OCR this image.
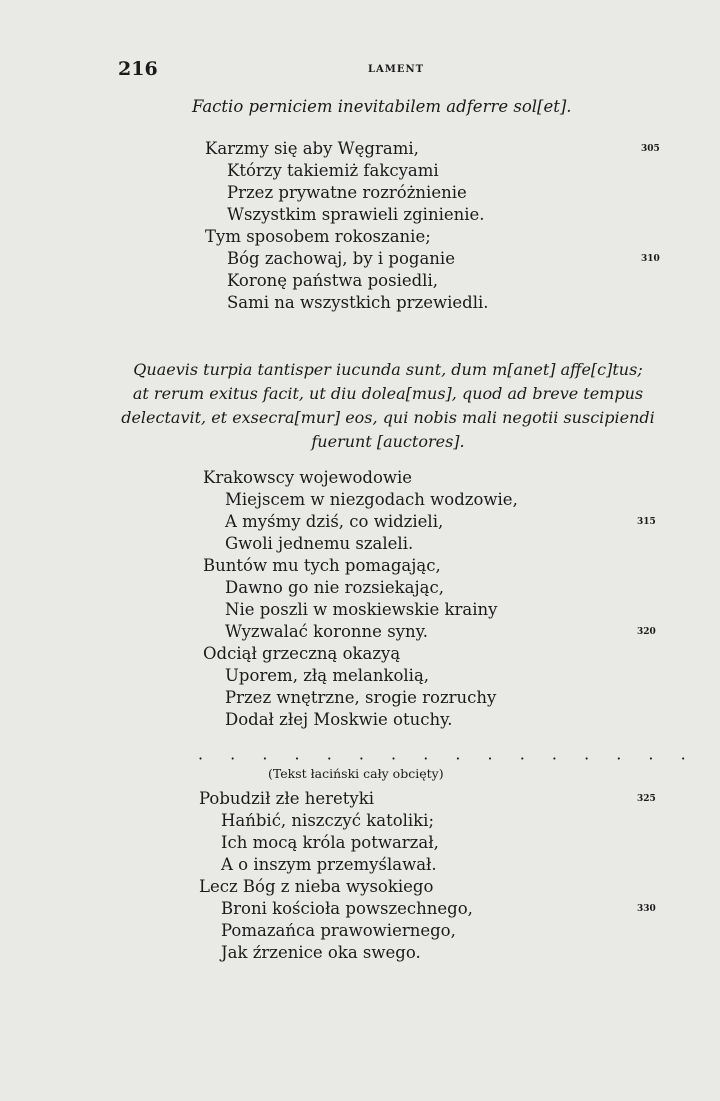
216	LAMENT
Factio perniciem inevitabilem adferre sol[et].
Karzmy się aby Węgrami,	305
Którzy takiemiż fakcyami
Przez prywatne rozróżnienie
Wszystkim sprawieli zginienie.
Tym sposobem rokoszanie;
Bóg zachowaj, by i poganie	310
Koronę państwa posiedli,
Sami na wszystkich przewiedli.
Quaevis turpia tantisper iucunda sunt, dum m[anet] affe[c]tus;
at rerum exitus facit, ut diu dolea[mus], quod ad breve tempus
delectavit, et exsecra[mur] eos, qui nobis mali negotii suscipiendi
fuerunt [auctores].
Krakowscy wojewodowie
Miejscem w niezgodach wodzowie,
A myśmy dziś, co widzieli,	315
Gwoli jednemu szaleli.
Buntów mu tych pomagając,
Dawno go nie rozsiekając,
Nie poszli w moskiewskie krainy
Wyzwalać koronne syny.	320
Odciął grzeczną okazyą
Uporem, złą melankolią,
Przez wnętrzne, srogie rozruchy
Dodał złej Moskwie otuchy.
· · · · · · · · · · · · · · · ·
(Tekst łaciński cały obcięty)
Pobudził złe heretyki	325
Hańbić, niszczyć katoliki;
Ich mocą króla potwarzał,
A o inszym przemyślawał.
Lecz Bóg z nieba wysokiego
Broni kościoła powszechnego,	330
Pomazańca prawowiernego,
Jak źrzenice oka swego.
